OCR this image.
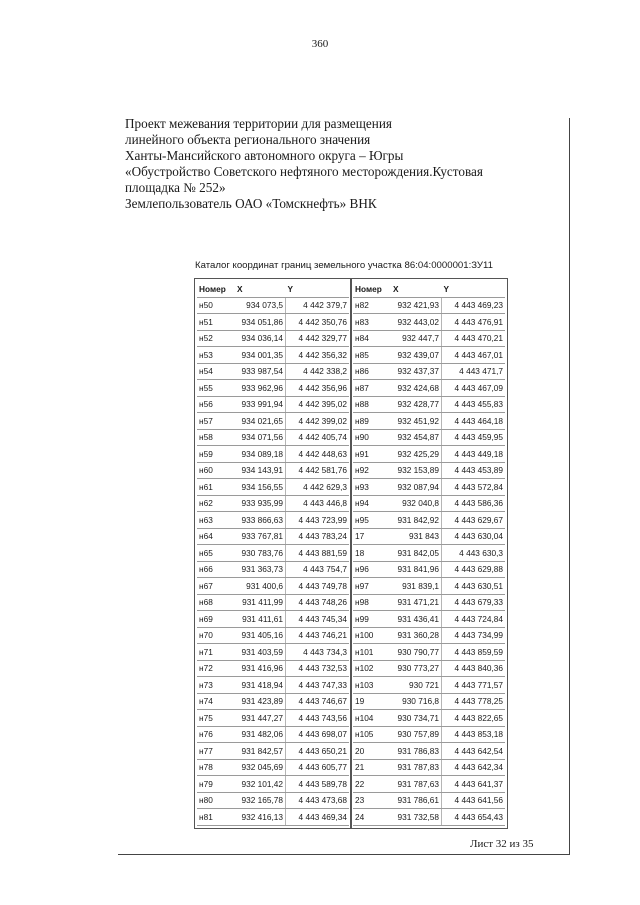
360
Проект межевания территории для размещения
линейного объекта регионального значения
Ханты-Мансийского автономного округа – Югры
«Обустройство Советского нефтяного месторождения.Кустовая
площадка № 252»
Землепользователь ОАО «Томскнефть» ВНК
Каталог координат границ земельного участка 86:04:0000001:ЗУ11
Номер	X	Y
н50	934 073,5	4 442 379,7
н51	934 051,86	4 442 350,76
н52	934 036,14	4 442 329,77
н53	934 001,35	4 442 356,32
н54	933 987,54	4 442 338,2
н55	933 962,96	4 442 356,96
н56	933 991,94	4 442 395,02
н57	934 021,65	4 442 399,02
н58	934 071,56	4 442 405,74
н59	934 089,18	4 442 448,63
н60	934 143,91	4 442 581,76
н61	934 156,55	4 442 629,3
н62	933 935,99	4 443 446,8
н63	933 866,63	4 443 723,99
н64	933 767,81	4 443 783,24
н65	930 783,76	4 443 881,59
н66	931 363,73	4 443 754,7
н67	931 400,6	4 443 749,78
н68	931 411,99	4 443 748,26
н69	931 411,61	4 443 745,34
н70	931 405,16	4 443 746,21
н71	931 403,59	4 443 734,3
н72	931 416,96	4 443 732,53
н73	931 418,94	4 443 747,33
н74	931 423,89	4 443 746,67
н75	931 447,27	4 443 743,56
н76	931 482,06	4 443 698,07
н77	931 842,57	4 443 650,21
н78	932 045,69	4 443 605,77
н79	932 101,42	4 443 589,78
н80	932 165,78	4 443 473,68
н81	932 416,13	4 443 469,34
Номер	X	Y
н82	932 421,93	4 443 469,23
н83	932 443,02	4 443 476,91
н84	932 447,7	4 443 470,21
н85	932 439,07	4 443 467,01
н86	932 437,37	4 443 471,7
н87	932 424,68	4 443 467,09
н88	932 428,77	4 443 455,83
н89	932 451,92	4 443 464,18
н90	932 454,87	4 443 459,95
н91	932 425,29	4 443 449,18
н92	932 153,89	4 443 453,89
н93	932 087,94	4 443 572,84
н94	932 040,8	4 443 586,36
н95	931 842,92	4 443 629,67
17	931 843	4 443 630,04
18	931 842,05	4 443 630,3
н96	931 841,96	4 443 629,88
н97	931 839,1	4 443 630,51
н98	931 471,21	4 443 679,33
н99	931 436,41	4 443 724,84
н100	931 360,28	4 443 734,99
н101	930 790,77	4 443 859,59
н102	930 773,27	4 443 840,36
н103	930 721	4 443 771,57
19	930 716,8	4 443 778,25
н104	930 734,71	4 443 822,65
н105	930 757,89	4 443 853,18
20	931 786,83	4 443 642,54
21	931 787,83	4 443 642,34
22	931 787,63	4 443 641,37
23	931 786,61	4 443 641,56
24	931 732,58	4 443 654,43
Лист 32 из 35
